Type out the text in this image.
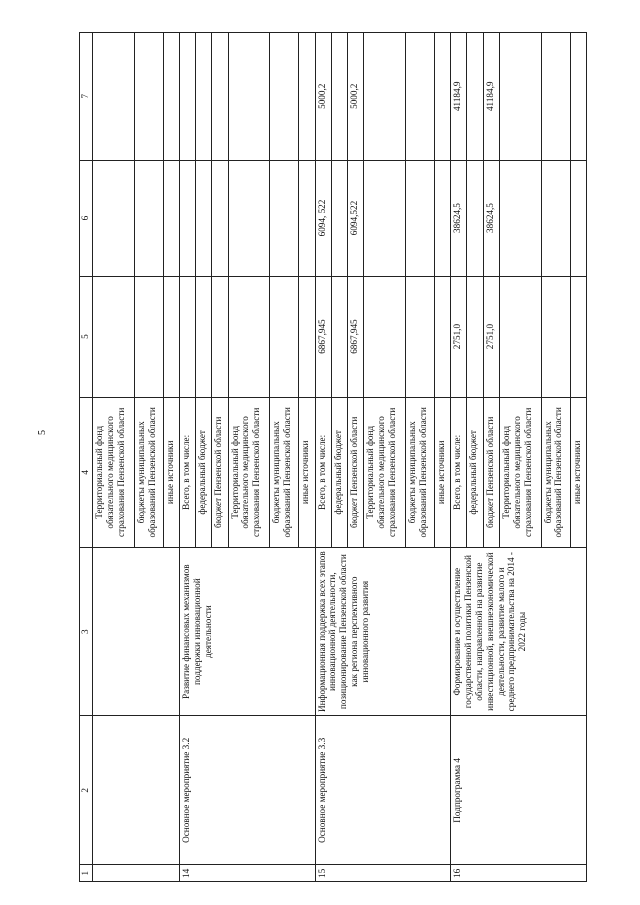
5
1	2	3	4	5	6	7
			Территориальный фонд обязательного медицинского страхования Пензенской области			
			бюджеты муниципальных образований Пензенской области			
			иные источники			
14	Основное мероприятие 3.2	Развитие финансовых механизмов поддержки инновационной деятельности	Всего, в том числе:			
			федеральный бюджет			
			бюджет Пензенской области			
			Территориальный фонд обязательного медицинского страхования Пензенской области			
			бюджеты муниципальных образований Пензенской области			
			иные источники			
15	Основное мероприятие 3.3	Информационная поддержка всех этапов инновационной деятельности, позиционирование Пензенской области как региона перспективного инновационного развития	Всего, в том числе:	6867,945	6094, 522	5000,2
			федеральный бюджет			
			бюджет Пензенской области	6867,945	6094,522	5000,2
			Территориальный фонд обязательного медицинского страхования Пензенской области			
			бюджеты муниципальных образований Пензенской области			
			иные источники			
16	Подпрограмма 4	Формирование и осуществление государственной политики Пензенской области, направленной на развитие инвестиционной, внешнеэкономической деятельности, развитие малого и среднего предпринимательства на 2014 - 2022 годы	Всего, в том числе:	2751,0	38624,5	41184,9
			федеральный бюджет			
			бюджет Пензенской области	2751,0	38624,5	41184,9
			Территориальный фонд обязательного медицинского страхования Пензенской области			
			бюджеты муниципальных образований Пензенской области			
			иные источники			
